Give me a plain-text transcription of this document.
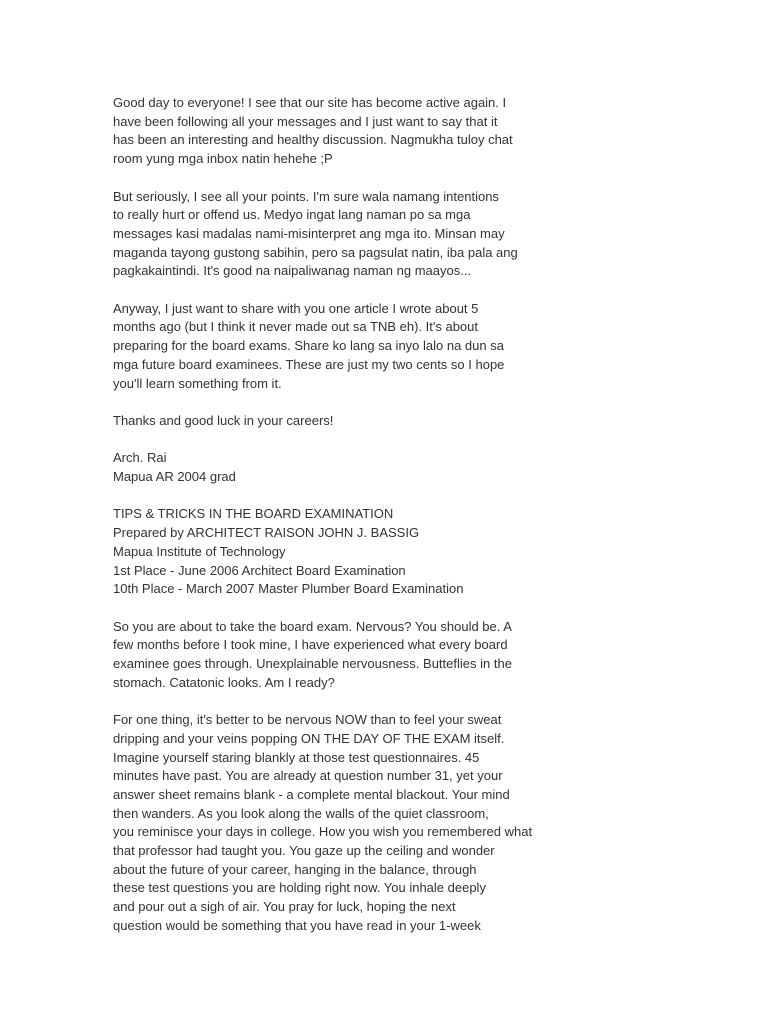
Good day to everyone! I see that our site has become active again. I
have been following all your messages and I just want to say that it
has been an interesting and healthy discussion. Nagmukha tuloy chat
room yung mga inbox natin hehehe ;P
But seriously, I see all your points. I'm sure wala namang intentions
to really hurt or offend us. Medyo ingat lang naman po sa mga
messages kasi madalas nami-misinterpret ang mga ito. Minsan may
maganda tayong gustong sabihin, pero sa pagsulat natin, iba pala ang
pagkakaintindi. It's good na naipaliwanag naman ng maayos...
Anyway, I just want to share with you one article I wrote about 5
months ago (but I think it never made out sa TNB eh). It's about
preparing for the board exams. Share ko lang sa inyo lalo na dun sa
mga future board examinees. These are just my two cents so I hope
you'll learn something from it.
Thanks and good luck in your careers!
Arch. Rai
Mapua AR 2004 grad
TIPS & TRICKS IN THE BOARD EXAMINATION
Prepared by ARCHITECT RAISON JOHN J. BASSIG
Mapua Institute of Technology
1st Place - June 2006 Architect Board Examination
10th Place - March 2007 Master Plumber Board Examination
So you are about to take the board exam. Nervous? You should be. A
few months before I took mine, I have experienced what every board
examinee goes through. Unexplainable nervousness. Butteflies in the
stomach. Catatonic looks. Am I ready?
For one thing, it's better to be nervous NOW than to feel your sweat
dripping and your veins popping ON THE DAY OF THE EXAM itself.
Imagine yourself staring blankly at those test questionnaires. 45
minutes have past. You are already at question number 31, yet your
answer sheet remains blank - a complete mental blackout. Your mind
then wanders. As you look along the walls of the quiet classroom,
you reminisce your days in college. How you wish you remembered what
that professor had taught you. You gaze up the ceiling and wonder
about the future of your career, hanging in the balance, through
these test questions you are holding right now. You inhale deeply
and pour out a sigh of air. You pray for luck, hoping the next
question would be something that you have read in your 1-week
